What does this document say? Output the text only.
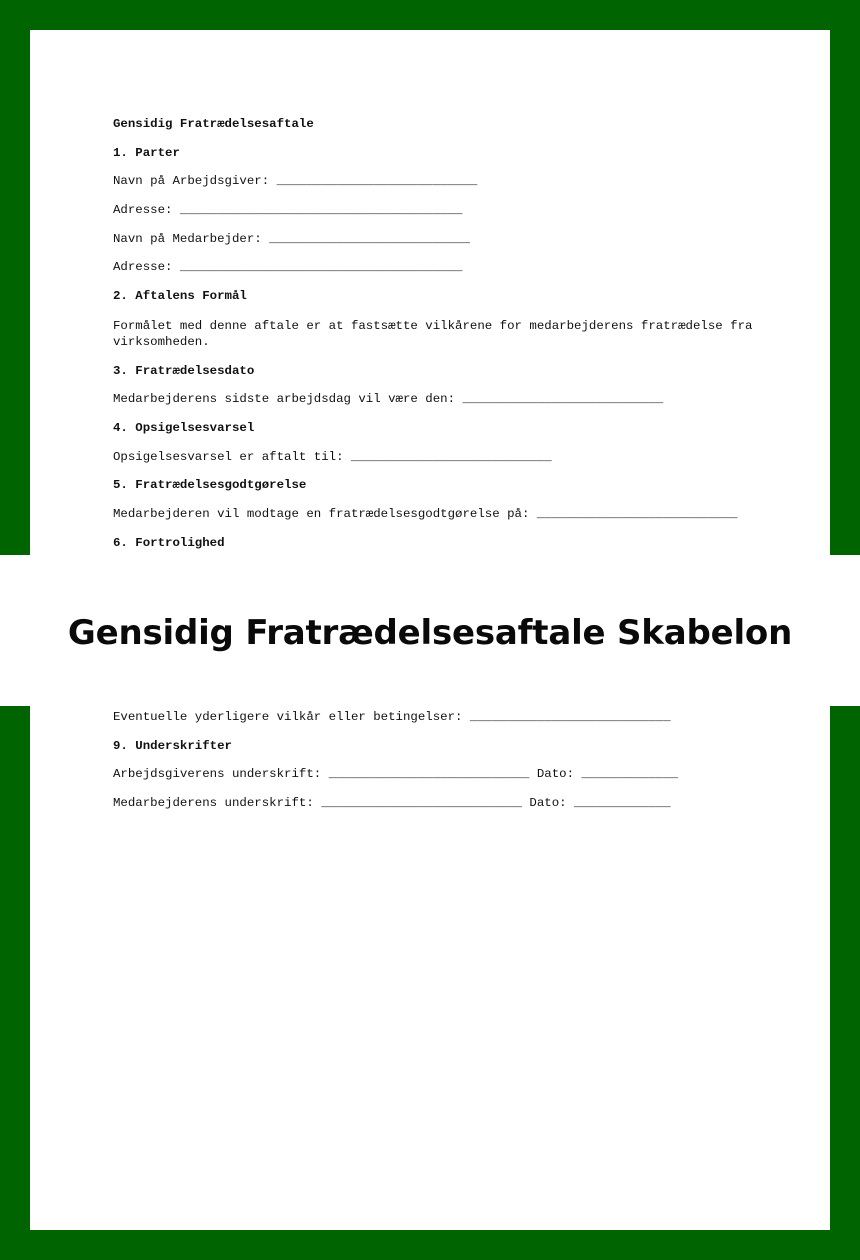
Gensidig Fratrædelsesaftale
1. Parter
Navn på Arbejdsgiver: ___________________________
Adresse: ______________________________________
Navn på Medarbejder: ___________________________
Adresse: ______________________________________
2. Aftalens Formål
Formålet med denne aftale er at fastsætte vilkårene for medarbejderens fratrædelse fra virksomheden.
3. Fratrædelsesdato
Medarbejderens sidste arbejdsdag vil være den: ___________________________
4. Opsigelsesvarsel
Opsigelsesvarsel er aftalt til: ___________________________
5. Fratrædelsesgodtgørelse
Medarbejderen vil modtage en fratrædelsesgodtgørelse på: ___________________________
6. Fortrolighed
Eventuelle yderligere vilkår eller betingelser: ___________________________
9. Underskrifter
Arbejdsgiverens underskrift: ___________________________ Dato: _____________
Medarbejderens underskrift: ___________________________ Dato: _____________
Gensidig Fratrædelsesaftale Skabelon
